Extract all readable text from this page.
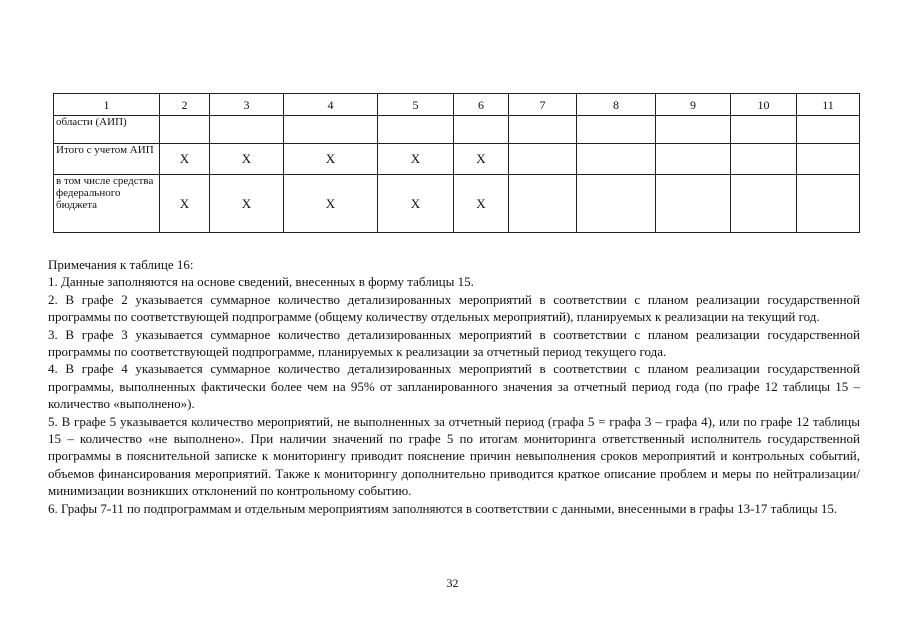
1	2	3	4	5	6	7	8	9	10	11
области (АИП)										
Итого с учетом АИП	Х	Х	Х	Х	Х					
в том числе средства федерального бюджета	Х	Х	Х	Х	Х					

Примечания к таблице 16:

1. Данные заполняются на основе сведений, внесенных в форму таблицы 15.

2. В графе 2 указывается суммарное количество детализированных мероприятий в соответствии с планом реализации государственной программы по соответствующей подпрограмме (общему количеству отдельных мероприятий), планируемых к реализации на текущий год.

3. В графе 3 указывается суммарное количество детализированных мероприятий в соответствии с планом реализации государственной программы по соответствующей подпрограмме, планируемых к реализации за отчетный период текущего года.

4. В графе 4 указывается суммарное количество детализированных мероприятий в соответствии с планом реализации государственной программы, выполненных фактически более чем на 95% от запланированного значения за отчетный период года (по графе 12 таблицы 15 – количество «выполнено»).

5. В графе 5 указывается количество мероприятий, не выполненных за отчетный период (графа 5 = графа 3 – графа 4), или по графе 12 таблицы 15 – количество «не выполнено». При наличии значений по графе 5 по итогам мониторинга ответственный исполнитель государственной программы в пояснительной записке к мониторингу приводит пояснение причин невыполнения сроков мероприятий и контрольных событий, объемов финансирования мероприятий. Также к мониторингу дополнительно приводится краткое описание проблем и меры по нейтрализации/минимизации возникших отклонений по контрольному событию.

6. Графы 7-11 по подпрограммам и отдельным мероприятиям заполняются в соответствии с данными, внесенными в графы 13-17 таблицы 15.

32
